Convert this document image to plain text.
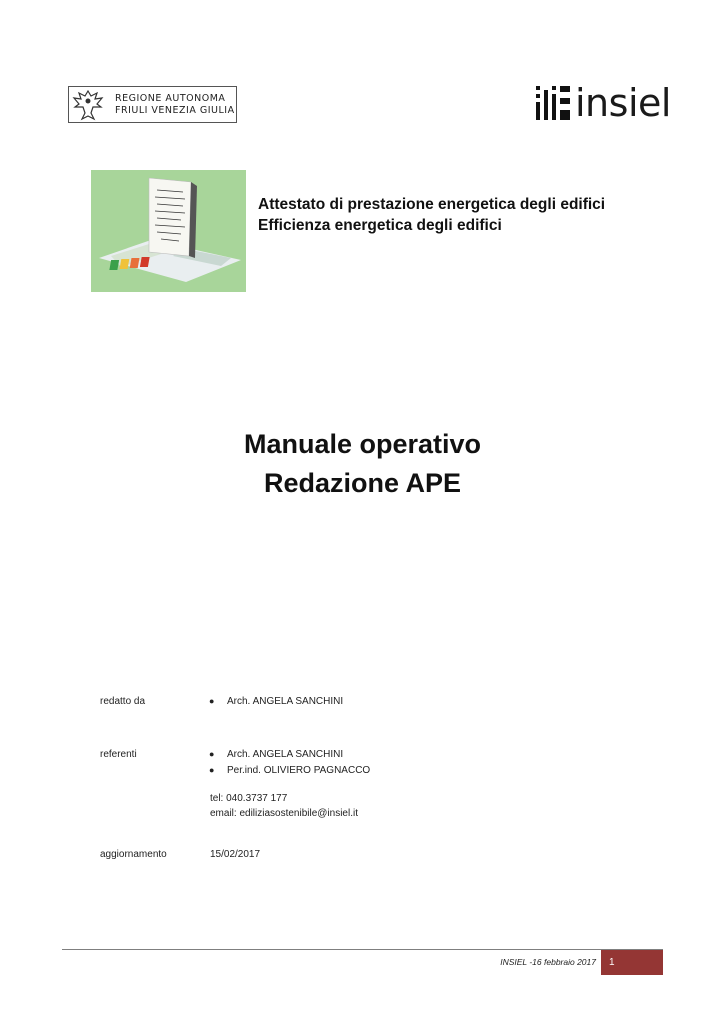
REGIONE AUTONOMA
FRIULI VENEZIA GIULIA	insiel
Attestato di prestazione energetica degli edifici
Efficienza energetica degli edifici
Manuale operativo
Redazione APE
redatto da	● Arch. ANGELA SANCHINI
referenti	● Arch. ANGELA SANCHINI
● Per.ind. OLIVIERO PAGNACCO
tel: 040.3737 177
email: ediliziasostenibile@insiel.it
aggiornamento	15/02/2017
INSIEL -16 febbraio 2017 1
